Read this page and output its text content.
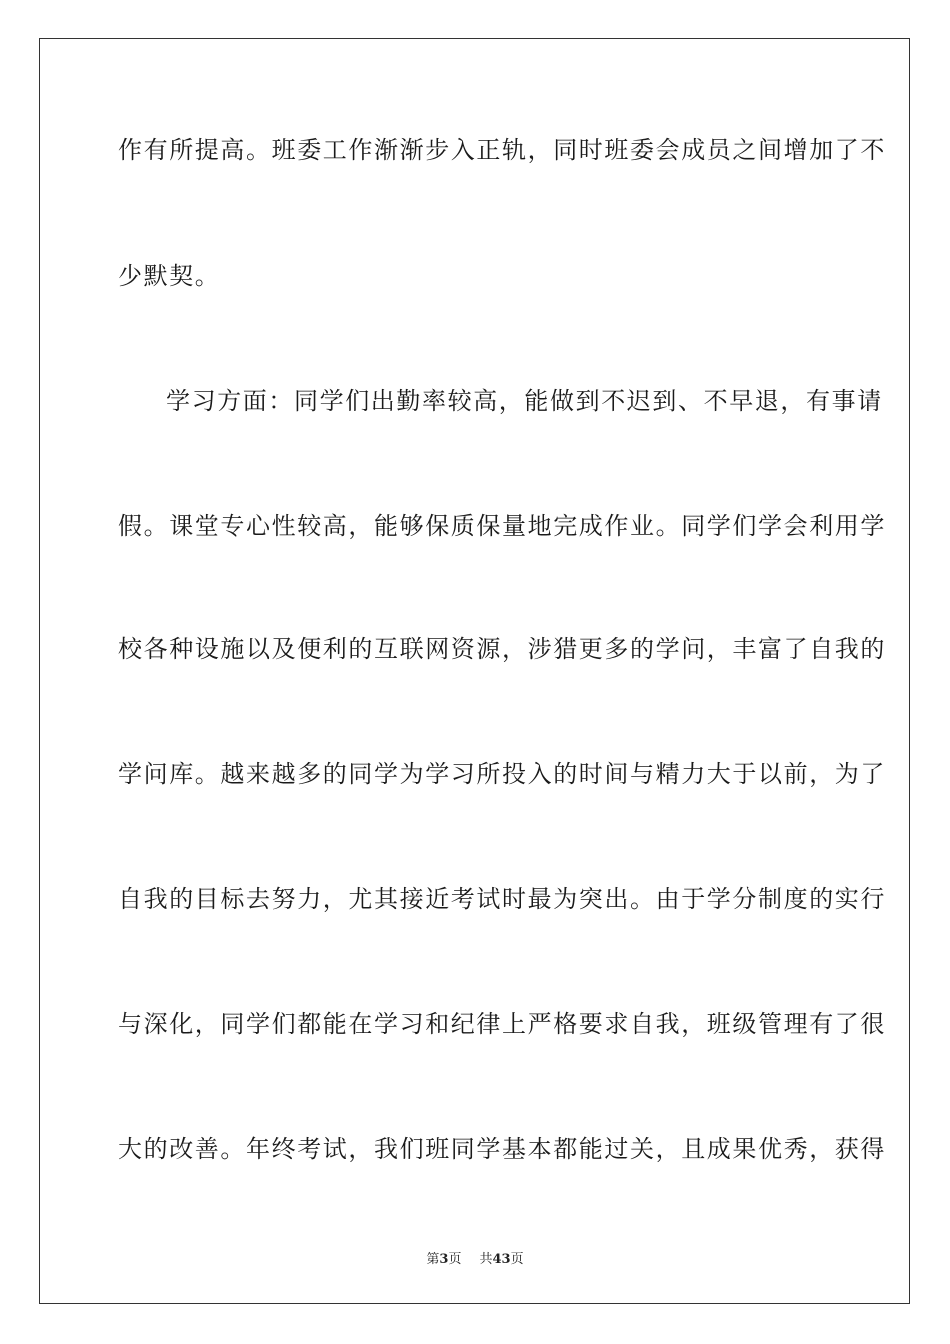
作有所提高。班委工作渐渐步入正轨，同时班委会成员之间增加了不
少默契。
学习方面：同学们出勤率较高，能做到不迟到、不早退，有事请
假。课堂专心性较高，能够保质保量地完成作业。同学们学会利用学
校各种设施以及便利的互联网资源，涉猎更多的学问，丰富了自我的
学问库。越来越多的同学为学习所投入的时间与精力大于以前，为了
自我的目标去努力，尤其接近考试时最为突出。由于学分制度的实行
与深化，同学们都能在学习和纪律上严格要求自我，班级管理有了很
大的改善。年终考试，我们班同学基本都能过关，且成果优秀，获得
第3页 共43页
